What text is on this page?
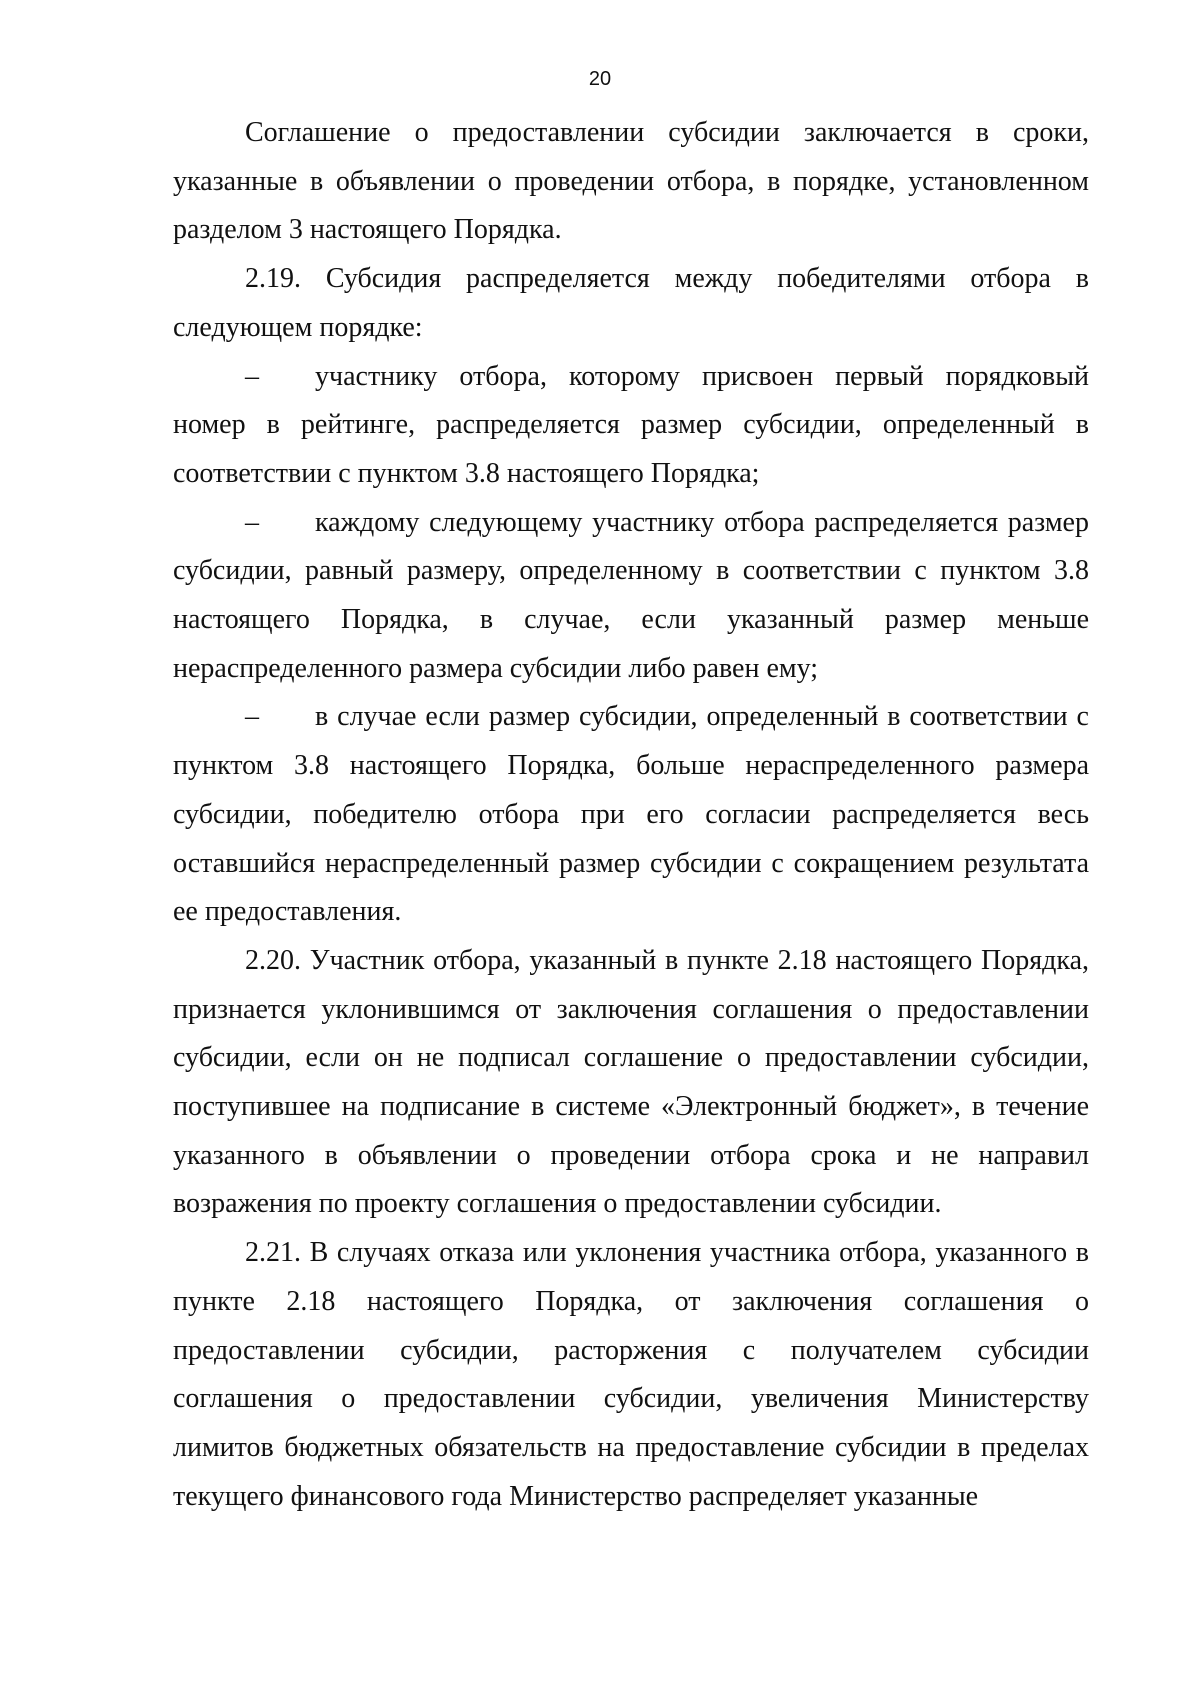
20

Соглашение о предоставлении субсидии заключается в сроки, указанные в объявлении о проведении отбора, в порядке, установленном разделом 3 настоящего Порядка.

2.19. Субсидия распределяется между победителями отбора в следующем порядке:

– участнику отбора, которому присвоен первый порядковый номер в рейтинге, распределяется размер субсидии, определенный в соответствии с пунктом 3.8 настоящего Порядка;

– каждому следующему участнику отбора распределяется размер субсидии, равный размеру, определенному в соответствии с пунктом 3.8 настоящего Порядка, в случае, если указанный размер меньше нераспределенного размера субсидии либо равен ему;

– в случае если размер субсидии, определенный в соответствии с пунктом 3.8 настоящего Порядка, больше нераспределенного размера субсидии, победителю отбора при его согласии распределяется весь оставшийся нераспределенный размер субсидии с сокращением результата ее предоставления.

2.20. Участник отбора, указанный в пункте 2.18 настоящего Порядка, признается уклонившимся от заключения соглашения о предоставлении субсидии, если он не подписал соглашение о предоставлении субсидии, поступившее на подписание в системе «Электронный бюджет», в течение указанного в объявлении о проведении отбора срока и не направил возражения по проекту соглашения о предоставлении субсидии.

2.21. В случаях отказа или уклонения участника отбора, указанного в пункте 2.18 настоящего Порядка, от заключения соглашения о предоставлении субсидии, расторжения с получателем субсидии соглашения о предоставлении субсидии, увеличения Министерству лимитов бюджетных обязательств на предоставление субсидии в пределах текущего финансового года Министерство распределяет указанные
